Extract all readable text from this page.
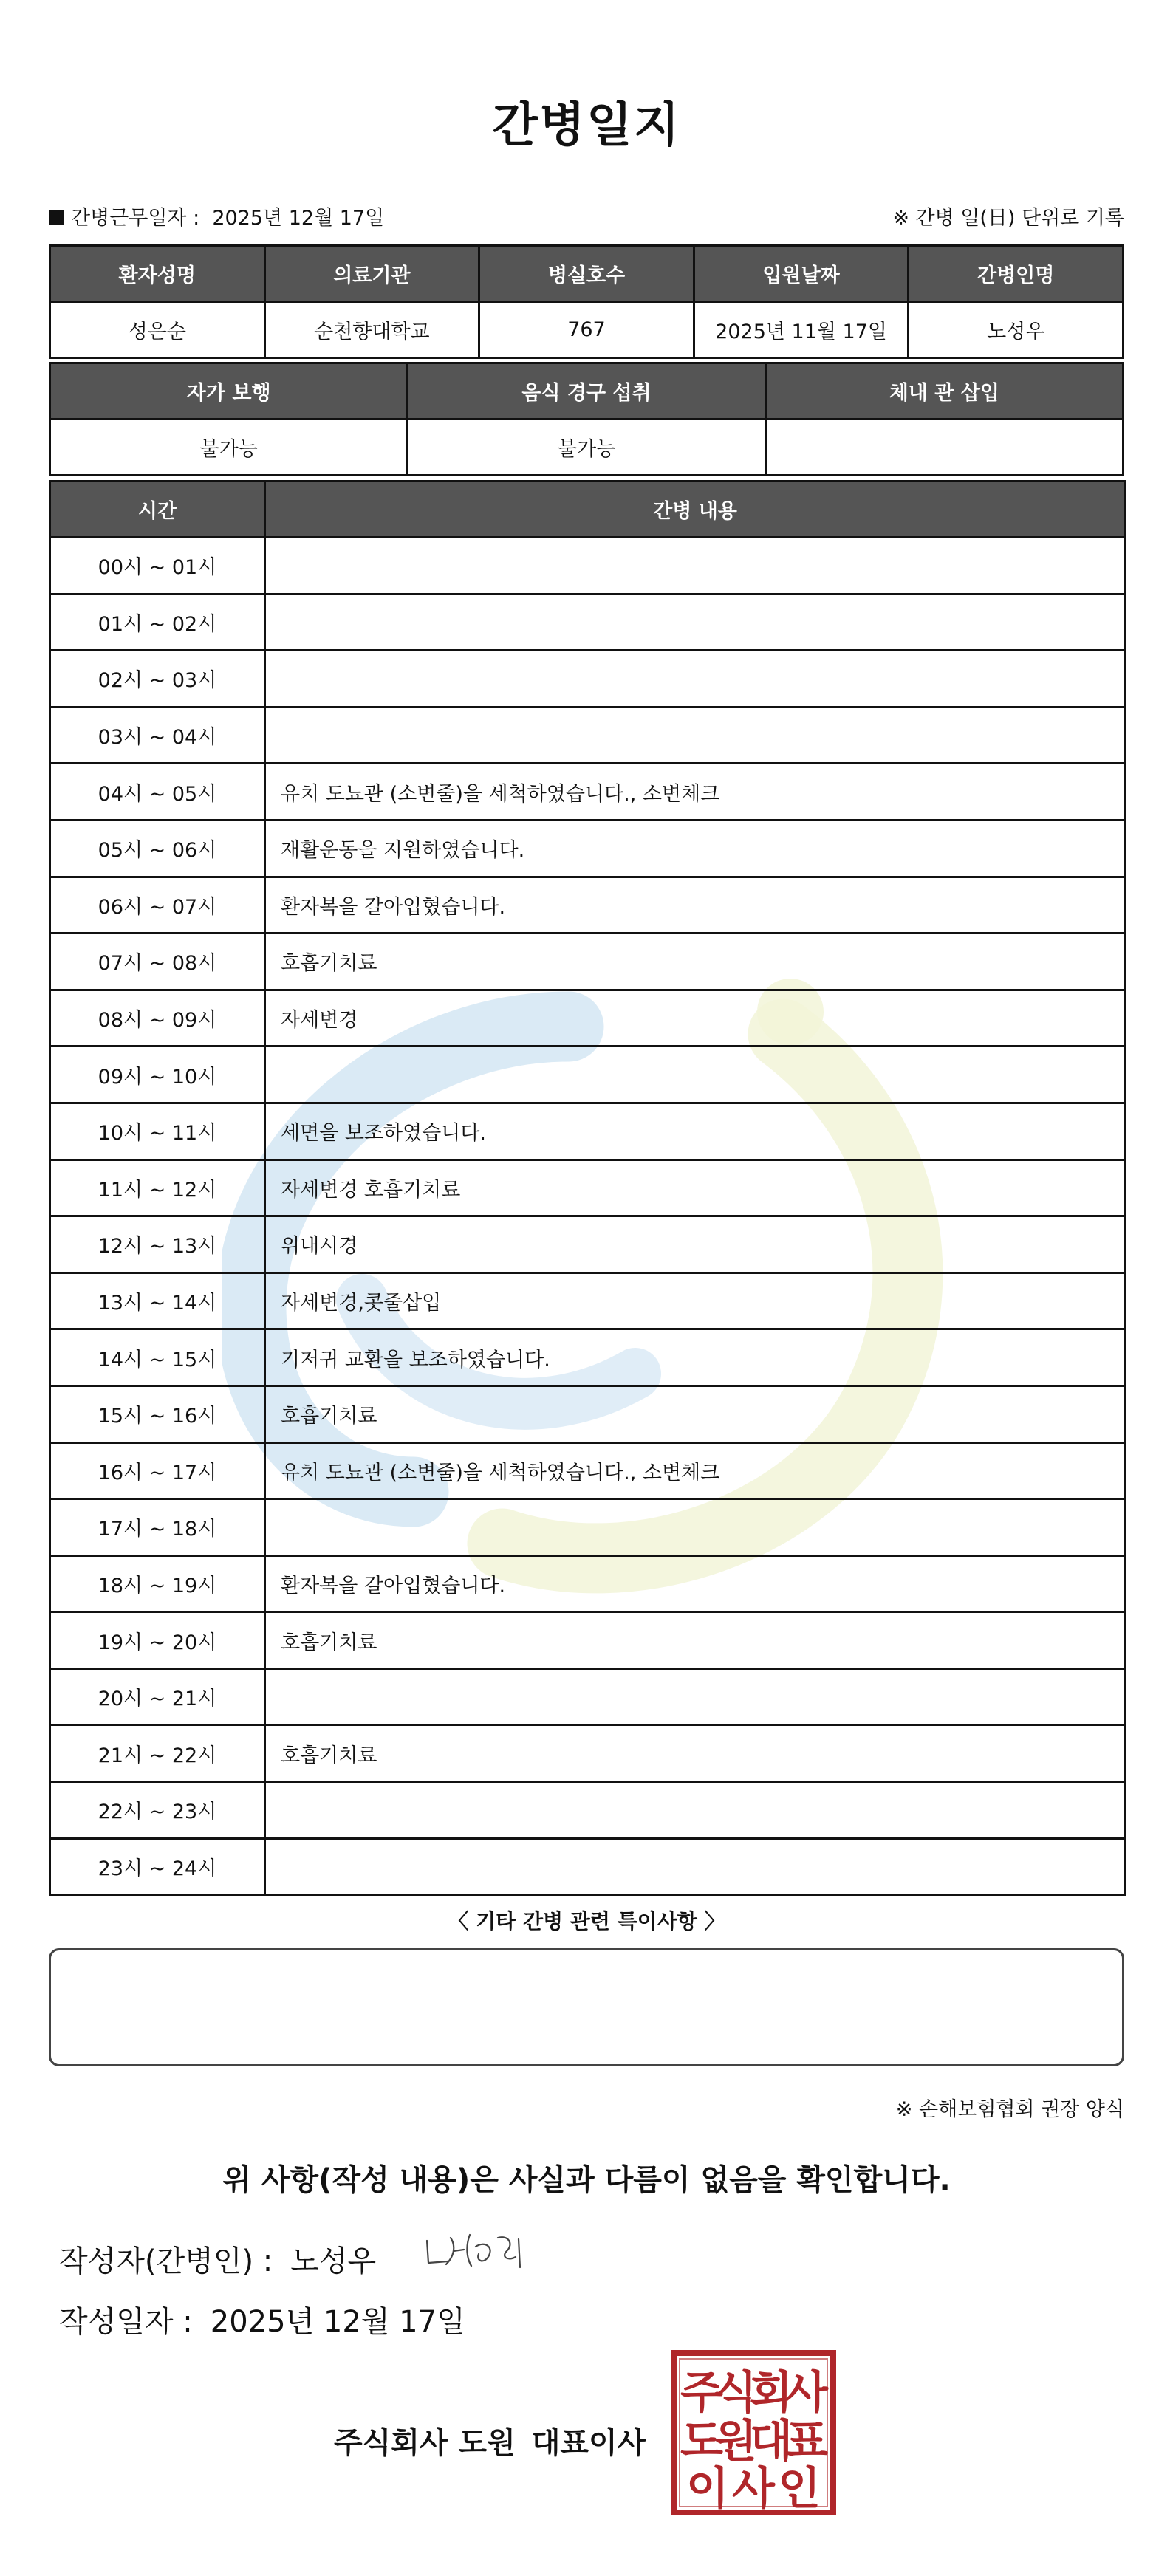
간병일지
간병근무일자 : 2025년 12월 17일	※ 간병 일(日) 단위로 기록
환자성명	의료기관	병실호수	입원날짜	간병인명
성은순	순천향대학교	767	2025년 11월 17일	노성우
자가 보행	음식 경구 섭취	체내 관 삽입
불가능	불가능	
시간	간병 내용
00시 ~ 01시	
01시 ~ 02시	
02시 ~ 03시	
03시 ~ 04시	
04시 ~ 05시	유치 도뇨관 (소변줄)을 세척하였습니다., 소변체크
05시 ~ 06시	재활운동을 지원하였습니다.
06시 ~ 07시	환자복을 갈아입혔습니다.
07시 ~ 08시	호흡기치료
08시 ~ 09시	자세변경
09시 ~ 10시	
10시 ~ 11시	세면을 보조하였습니다.
11시 ~ 12시	자세변경 호흡기치료
12시 ~ 13시	위내시경
13시 ~ 14시	자세변경,콧줄삽입
14시 ~ 15시	기저귀 교환을 보조하였습니다.
15시 ~ 16시	호흡기치료
16시 ~ 17시	유치 도뇨관 (소변줄)을 세척하였습니다., 소변체크
17시 ~ 18시	
18시 ~ 19시	환자복을 갈아입혔습니다.
19시 ~ 20시	호흡기치료
20시 ~ 21시	
21시 ~ 22시	호흡기치료
22시 ~ 23시	
23시 ~ 24시	
〈 기타 간병 관련 특이사항 〉
※ 손해보험협회 권장 양식
위 사항(작성 내용)은 사실과 다름이 없음을 확인합니다.
작성자(간병인) : 노성우
작성일자 : 2025년 12월 17일
주식회사 도원 대표이사
주
식
회
사
도
원
대
표
이 사 인
